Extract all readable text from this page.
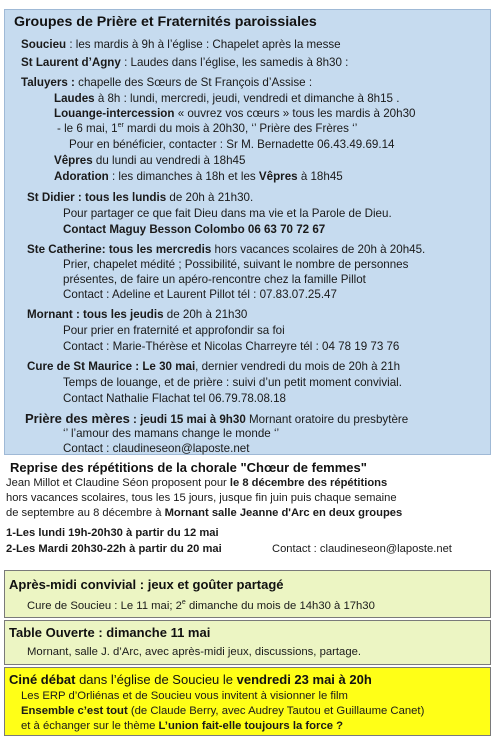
Groupes de Prière et Fraternités paroissiales
Soucieu : les mardis à 9h à l’église : Chapelet après la messe
St Laurent d’Agny : Laudes dans l’église, les samedis à 8h30 :
Taluyers : chapelle des Sœurs de St François d’Assise :
Laudes à 8h : lundi, mercredi, jeudi, vendredi et dimanche à 8h15 .
Louange-intercession « ouvrez vos cœurs » tous les mardis à 20h30
- le 6 mai, 1er mardi du mois à 20h30, ‘’ Prière des Frères ‘’
Pour en bénéficier, contacter : Sr M. Bernadette 06.43.49.69.14
Vêpres du lundi au vendredi à 18h45
Adoration : les dimanches à 18h et les Vêpres à 18h45
St Didier : tous les lundis de 20h à 21h30.
Pour partager ce que fait Dieu dans ma vie et la Parole de Dieu.
Contact Maguy Besson Colombo 06 63 70 72 67
Ste Catherine: tous les mercredis hors vacances scolaires de 20h à 20h45.
Prier, chapelet médité ; Possibilité, suivant le nombre de personnes
présentes, de faire un apéro-rencontre chez la famille Pillot
Contact : Adeline et Laurent Pillot tél : 07.83.07.25.47
Mornant : tous les jeudis de 20h à 21h30
Pour prier en fraternité et approfondir sa foi
Contact : Marie-Thérèse et Nicolas Charreyre tél : 04 78 19 73 76
Cure de St Maurice : Le 30 mai, dernier vendredi du mois de 20h à 21h
Temps de louange, et de prière : suivi d’un petit moment convivial.
Contact Nathalie Flachat tel 06.79.78.08.18
Prière des mères : jeudi 15 mai à 9h30 Mornant oratoire du presbytère
‘’ l’amour des mamans change le monde ‘’
Contact : claudineseon@laposte.net
Reprise des répétitions de la chorale "Chœur de femmes"
Jean Millot et Claudine Séon proposent pour le 8 décembre des répétitions
hors vacances scolaires, tous les 15 jours, jusque fin juin puis chaque semaine
de septembre au 8 décembre à Mornant salle Jeanne d'Arc en deux groupes
1-Les lundi 19h-20h30 à partir du 12 mai
2-Les Mardi 20h30-22h à partir du 20 mai	Contact : claudineseon@laposte.net
Après-midi convivial : jeux et goûter partagé
Cure de Soucieu : Le 11 mai; 2e dimanche du mois de 14h30 à 17h30
Table Ouverte : dimanche 11 mai
Mornant, salle J. d’Arc, avec après-midi jeux, discussions, partage.
Ciné débat dans l’église de Soucieu le vendredi 23 mai à 20h
Les ERP d’Orliénas et de Soucieu vous invitent à visionner le film
Ensemble c’est tout (de Claude Berry, avec Audrey Tautou et Guillaume Canet)
et à échanger sur le thème L’union fait-elle toujours la force ?
